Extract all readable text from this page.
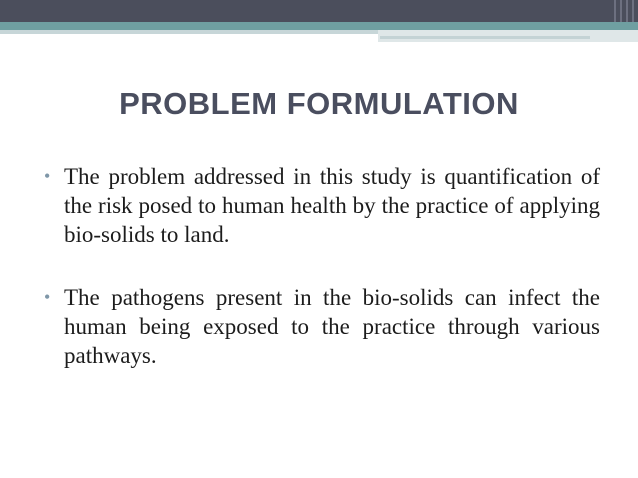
PROBLEM FORMULATION
• The problem addressed in this study is quantification of the risk posed to human health by the practice of applying bio-solids to land.
• The pathogens present in the bio-solids can infect the human being exposed to the practice through various pathways.
